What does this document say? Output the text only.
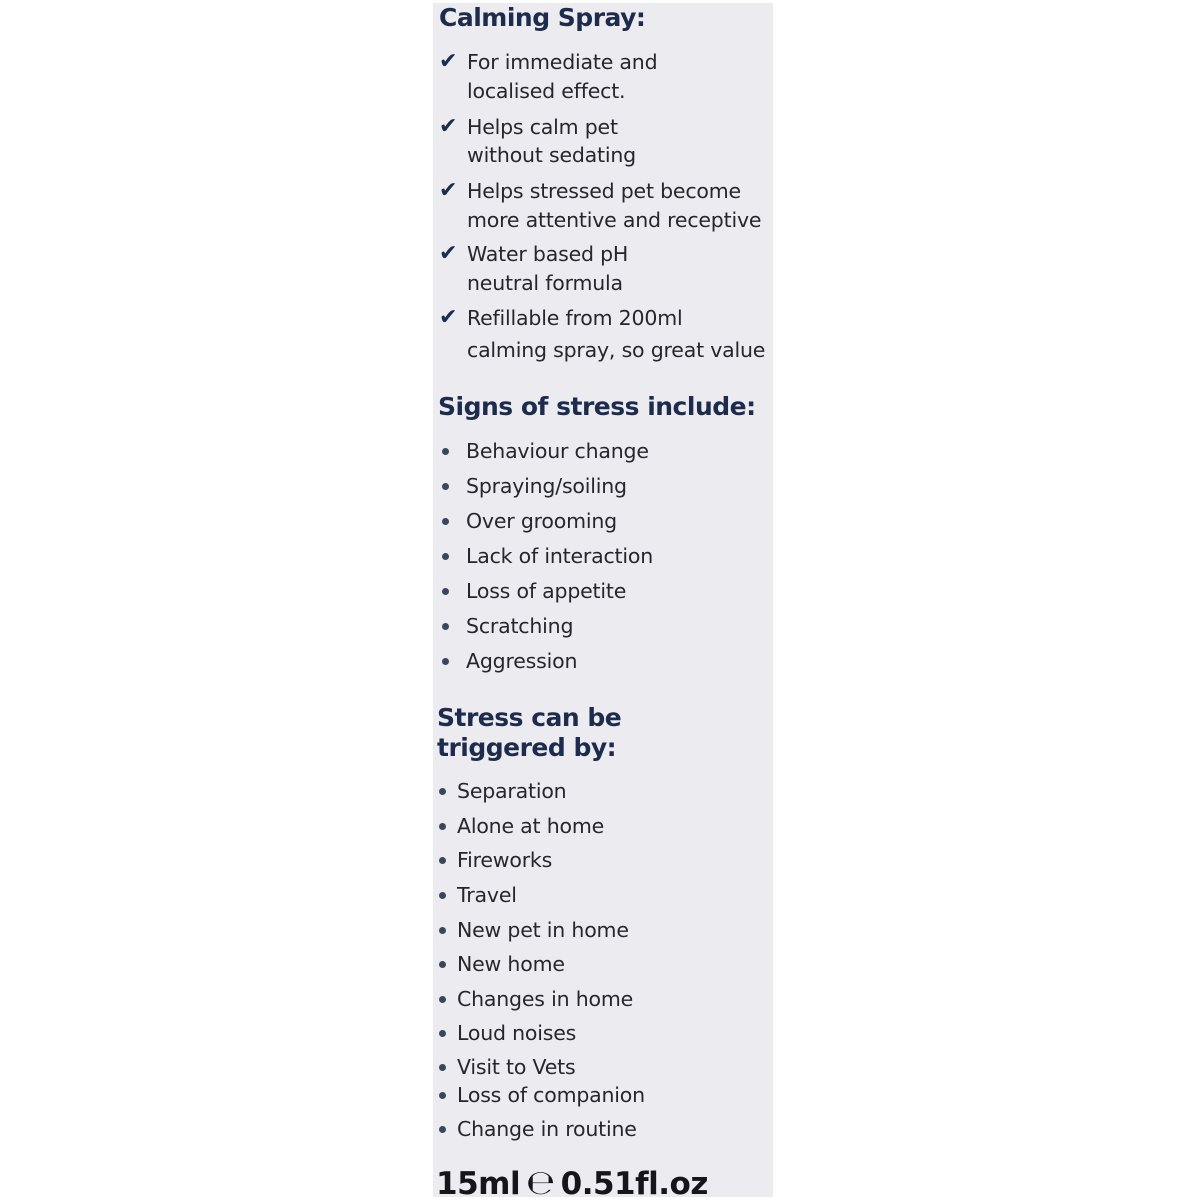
Calming Spray:
✔ For immediate and
localised effect.
✔ Helps calm pet
without sedating
✔ Helps stressed pet become
more attentive and receptive
✔ Water based pH
neutral formula
✔ Refillable from 200ml
calming spray, so great value
Signs of stress include:
Behaviour change
Spraying/soiling
Over grooming
Lack of interaction
Loss of appetite
Scratching
Aggression
Stress can be
triggered by:
Separation
Alone at home
Fireworks
Travel
New pet in home
New home
Changes in home
Loud noises
Visit to Vets
Loss of companion
Change in routine
15ml ℮ 0.51fl.oz
